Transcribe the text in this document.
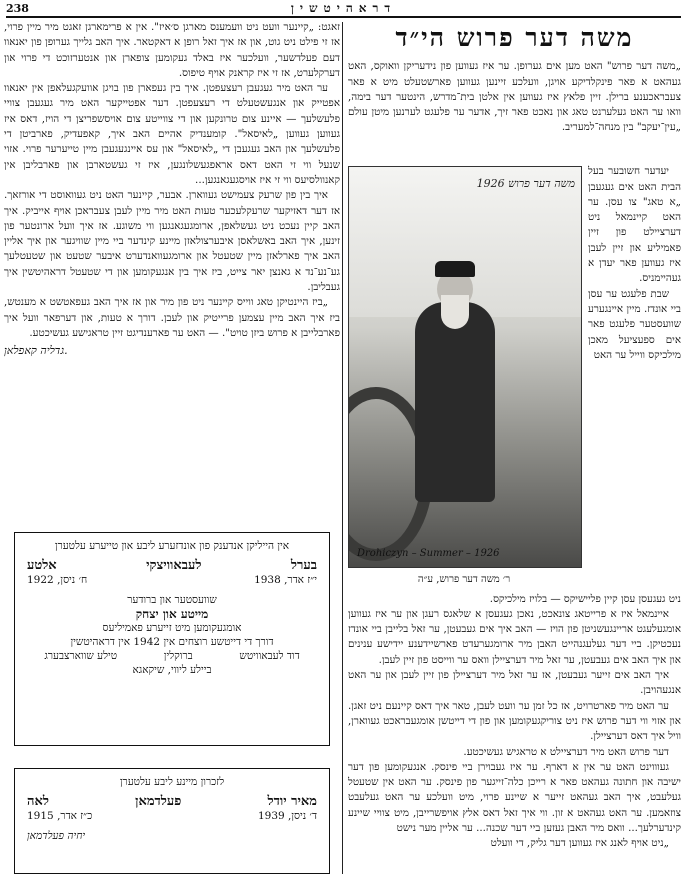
238	דראהיטשין
משה דער פרוש הי״ד

„משה דער פרוש" האט מען אים גערופן. ער איז געווען פון נידעריקן וואוקס, האט געהאט א פאר פינקלדיקע אויגן, וועלכע זיינען געווען פארשטעלט מיט א פאר צעבראכענע ברילן. זיין פלאץ איז געווען אין אלטן בית־מדרש, הינטער דער בימה, וואו ער האט געלערנט טאג און נאכט פאר זיך, אדער ער פלעגט לערנען מיטן עולם „עין־יעקב" בין מנחה־למעריב.

משה דער פרוש 1926
Drohiczyn – Summer – 1926
ר׳ משה דער פרוש, ע״ה

יעדער חשובער בעל הבית האט אים געגעבן „א טאג" צו עסן. ער האט קיינמאל ניט דערציילט פון זיין פאמיליע און זיין לעבן איז געווען פאר יעדן א געהיימניס.

שבת פלעגט ער עסן ביי אונדז. מיין איינגערע שוועסטער פלעגט פאר אים ספעציעל מאכן מילכיקס ווייל ער האט

ניט געגעסן עסן קיין פליישיקס — בלויז מילכיקס.

איינמאל איז א פרייטאג צונאכט, נאכן געגעסן א שלאגס רעגן און ער איז געווען אומגעלעגט אריינגעשניטן פון הויז — האב איך אים געבעטן, ער זאל בלייבן ביי אונדז נעכטיקן. ביי דער געלעגנהייט האבן מיר ארומגערעדט פארשיידענע יידישע ענינים און איך האב אים געבעטן, ער זאל מיר דערציילן וואס ער ווייסט פון זיין לעבן.

איך האב אים זייער געבעטן, אז ער זאל מיר דערציילן פון זיין לעבן און ער האט אנגעהויבן.

ער האט מיר פארטרויט, אז כל זמן ער וועט לעבן, טאר איך דאס קיינעם ניט זאגן. און אזוי ווי דער פרוש איז ניט צוריקגעקומען און פון די דייטשן אומגעבראכט געווארן, וויל איך דאס דערציילן.

דער פרוש האט מיר דערציילט א טראגיש געשיכטע.

געוווינט האט ער אין א דארף. ער איז געבוירן ביי פינסק. אנגעקומען פון דער ישיבה און חתונה געהאט פאר א רייכן כלה־זייגער פון פינסק. ער האט אין שטעטל געלעבט, איך האב געהאט זייער א שיינע פרוי, מיט וועלכע ער האט געלעבט צוזאמען. ער האט געהאט א זון. ווי איך זאל דאס אלץ אויפשרייבן, מיט צוויי שיינע קינדערלעך... וואס מיר האבן געזען ביי דער שכנה... ער אליין מער נישט

„ניט אויף לאנג איז געווען דער גליק, די וועלט

זאגט: „קיינער וועט ניט וועמענס מארגן ס׳איז". אין א פרימארגן זאגט מיר מיין פרוי, אז זי פילט ניט גוט, און אז איך זאל רופן א דאקטאר. איך האב גלייך גערופן פון יאנאוו דעם פעלדשער, וועלכער איז באלד געקומען צופארן און אנטערזוכט די פרוי און דערקלערט, אז זי איז קראנק אויף טיפוס.

ער האט מיר געגעבן רעצעפטן. איך בין געפארן פון בויגן אוועקגעלאפן אין יאנאוו אפטייק און אנגעשטעלט די רעצעפטן. דער אפטייקער האט מיר געגעבן צוויי פלעשלעך — איינע צום טרונקען און די צווייטע צום אויסשפריצן די הויז, דאס איז געווען געווען „לאיסאל". קומענדיק אהיים האב איך, קאפעדיק, פארביטן די פלעשלעך און האב געגעבן די „לאיסאל" און עס איינגעגעבן מיין טייערער פרוי. אזוי שנעל ווי זי האט דאס אראפגעשלונגען, איז זי געשטארבן און פארבליבן אין קאנוולסיעס ווי זי איז אויסגעגאנגען...

איך בין פון שרעק צעמישט געווארן. אבער, קיינער האט ניט געוואוסט די אורזאך. אז דער דאזיקער שרעקלעכער טעות האט מיר מיין לעבן צעבראכן אויף אייביק. איך האב קיין נעכט ניט געשלאפן, ארומגעגאנגען ווי משוגע. אז איך וועל ארונטער פון זינען, איך האב באשלאסן איבערצולאזן מיינע קינדער ביי מיין שוויגער און איך אליין האב איך פארלאזן מיין שטעטל און ארומגעוואנדערט איבער שטעט און שטעטלעך גע־נע־נד א גאנצן יאר צייט, ביז איך בין אנגעקומען און די שטעטל דראהיטשין איך געבליבן.

„ביז היינטיקן טאג ווייס קיינער ניט פון מיר און אז איך האב געפאטשט א מענטש, ביז איך האב מיין עצמען פרייטיק און לעבן. דורך א טעות, און דערפאר וועל איך פארבלייבן א פרוש ביזן טויט". — האט ער פארענדיגט זיין טראגישע געשיכטע.

גדליה קאפלאן.
אין הייליקן אנדענק פון אונדזערע ליבע און טייערע עלטערן
בערל
לעבאוויצקי
אלטע
י״ז אדר, 1938
ח׳ ניסן, 1922
שוועסטער און ברודער
מייטע און יצחק
אומגעקומען מיט זייערע פאמיליעס
דורך די דייטשע רוצחים אין 1942 אין דראהיטשין
דוד לעבאוויטש
ברוקלין
טילע שווארצבערג
ביילע ליווי, שיקאגא
לזכרון מיינע ליבע עלטערן
מאיר יודל
פעלדמאן
לאה
ד׳ ניסן, 1939
כ״ז אדר, 1915
יחיה פעלדמאן
